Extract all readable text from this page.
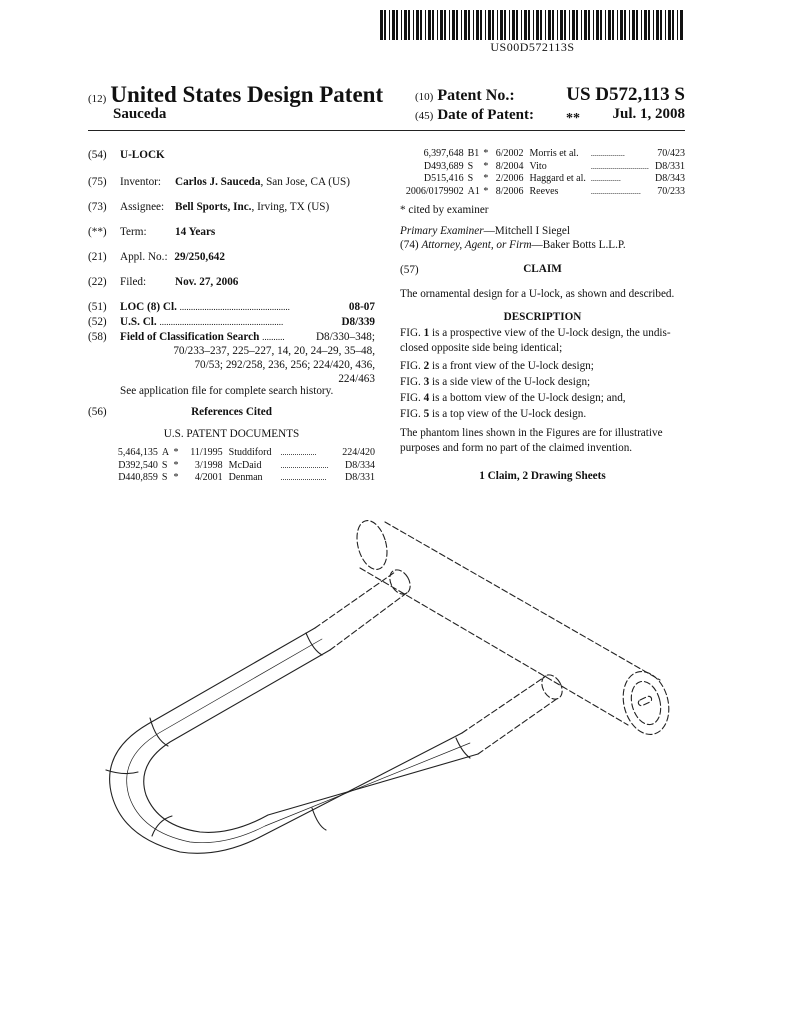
US00D572113S
(12) United States Design Patent
Sauceda
(10) Patent No.:	US D572,113 S
(45) Date of Patent: ** Jul. 1, 2008
(54) U-LOCK
(75) Inventor: Carlos J. Sauceda, San Jose, CA (US)
(73) Assignee: Bell Sports, Inc., Irving, TX (US)
(**) Term:	14 Years
(21) Appl. No.: 29/250,642
(22) Filed:	Nov. 27, 2006
(51) LOC (8) Cl. .................................................	08-07
(52) U.S. Cl. .......................................................	D8/339
(58) Field of Classification Search ..........	D8/330–348;
70/233–237, 225–227, 14, 20, 24–29, 35–48,
70/53; 292/258, 236, 256; 224/420, 436,
224/463
See application file for complete search history.
(56)	References Cited
U.S. PATENT DOCUMENTS
5,464,135	A	*	11/1995	Studdiford	..................	224/420
D392,540	S	*	3/1998	McDaid	........................	D8/334
D440,859	S	*	4/2001	Denman	.......................	D8/331
6,397,648	B1	*	6/2002	Morris et al.	.................	70/423
D493,689	S	*	8/2004	Vito	.............................	D8/331
D515,416	S	*	2/2006	Haggard et al.	...............	D8/343
2006/0179902	A1	*	8/2006	Reeves	.........................	70/233
* cited by examiner
Primary Examiner—Mitchell I Siegel
(74) Attorney, Agent, or Firm—Baker Botts L.L.P.
(57)	CLAIM
The ornamental design for a U-lock, as shown and described.
DESCRIPTION
FIG. 1 is a prospective view of the U-lock design, the undis-
closed opposite side being identical;
FIG. 2 is a front view of the U-lock design;
FIG. 3 is a side view of the U-lock design;
FIG. 4 is a bottom view of the U-lock design; and,
FIG. 5 is a top view of the U-lock design.
The phantom lines shown in the Figures are for illustrative
purposes and form no part of the claimed invention.
1 Claim, 2 Drawing Sheets
